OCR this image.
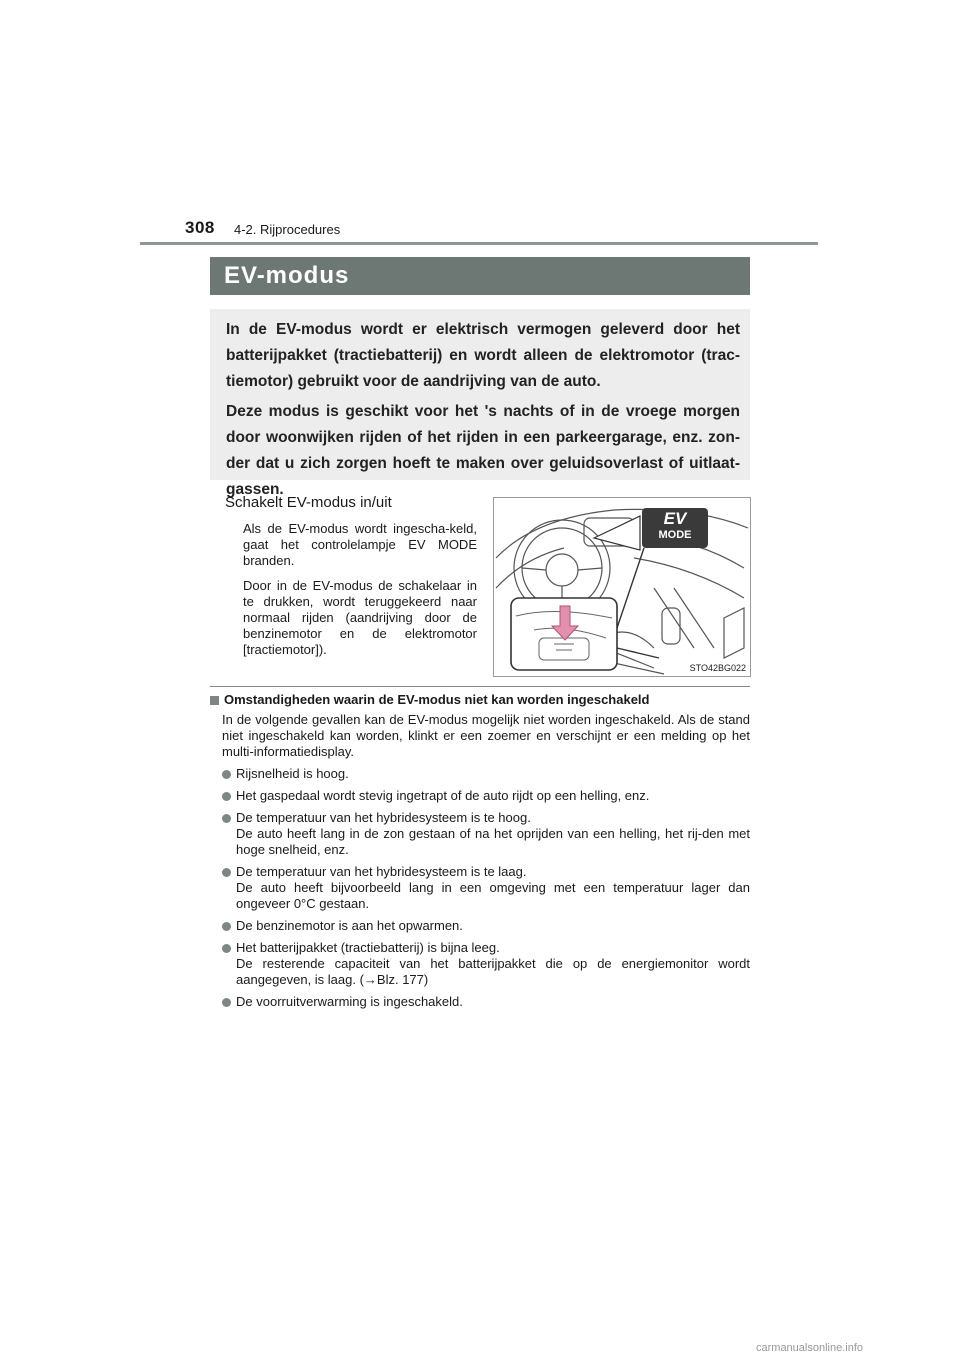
308 4-2. Rijprocedures
EV-modus

In de EV-modus wordt er elektrisch vermogen geleverd door het batterijpakket (tractiebatterij) en wordt alleen de elektromotor (trac-tiemotor) gebruikt voor de aandrijving van de auto.

Deze modus is geschikt voor het 's nachts of in de vroege morgen door woonwijken rijden of het rijden in een parkeergarage, enz. zon-der dat u zich zorgen hoeft te maken over geluidsoverlast of uitlaat-gassen.

Schakelt EV-modus in/uit

Als de EV-modus wordt ingescha-keld, gaat het controlelampje EV MODE branden.

Door in de EV-modus de schakelaar in te drukken, wordt teruggekeerd naar normaal rijden (aandrijving door de benzinemotor en de elektromotor [tractiemotor]).

EV
MODE
STO42BG022
Omstandigheden waarin de EV-modus niet kan worden ingeschakeld

In de volgende gevallen kan de EV-modus mogelijk niet worden ingeschakeld. Als de stand niet ingeschakeld kan worden, klinkt er een zoemer en verschijnt er een melding op het multi-informatiedisplay.

Rijsnelheid is hoog.
Het gaspedaal wordt stevig ingetrapt of de auto rijdt op een helling, enz.
De temperatuur van het hybridesysteem is te hoog.
De auto heeft lang in de zon gestaan of na het oprijden van een helling, het rij-den met hoge snelheid, enz.
De temperatuur van het hybridesysteem is te laag.
De auto heeft bijvoorbeeld lang in een omgeving met een temperatuur lager dan ongeveer 0°C gestaan.
De benzinemotor is aan het opwarmen.
Het batterijpakket (tractiebatterij) is bijna leeg.
De resterende capaciteit van het batterijpakket die op de energiemonitor wordt aangegeven, is laag. (→Blz. 177)
De voorruitverwarming is ingeschakeld.
carmanualsonline.info
